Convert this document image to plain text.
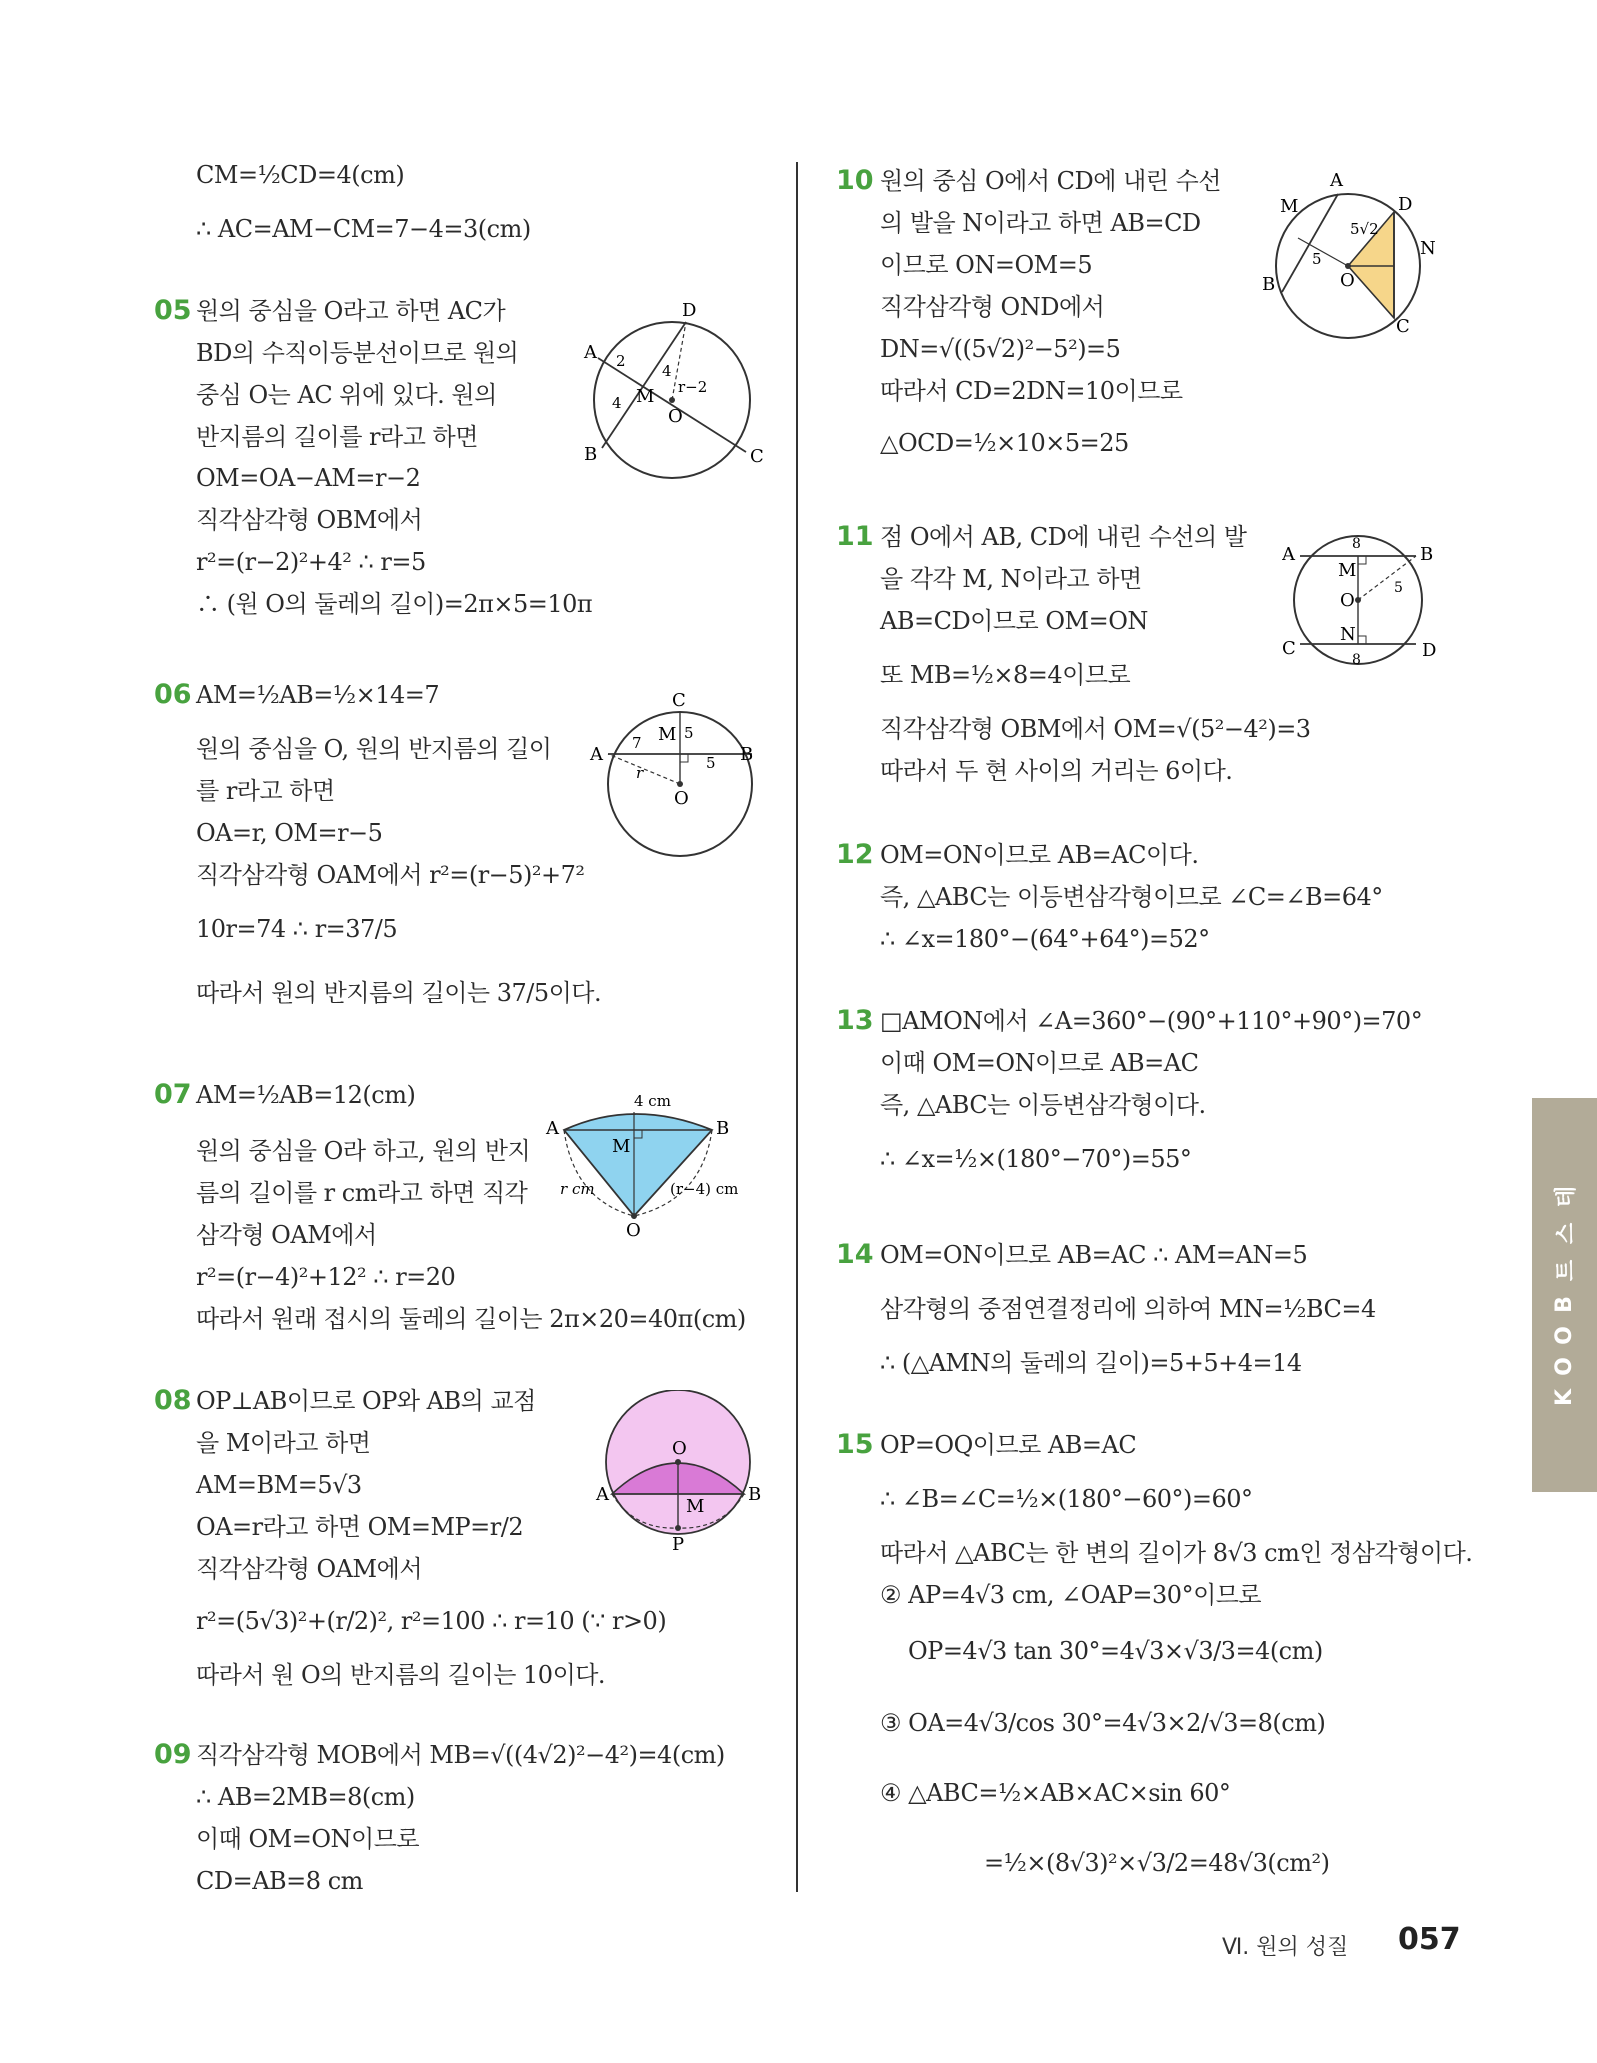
CM=½CD=4(cm)
∴ AC=AM−CM=7−4=3(cm)
05 원의 중심을 O라고 하면 AC가
BD의 수직이등분선이므로 원의
중심 O는 AC 위에 있다. 원의
반지름의 길이를 r라고 하면
OM=OA−AM=r−2
직각삼각형 OBM에서
r²=(r−2)²+4² ∴ r=5
∴ (원 O의 둘레의 길이)=2π×5=10π
A
B	C
D
M
O
2
4
4
r−2
06 AM=½AB=½×14=7
원의 중심을 O, 원의 반지름의 길이
를 r라고 하면
OA=r, OM=r−5
직각삼각형 OAM에서 r²=(r−5)²+7²
10r=74 ∴ r=37/5
따라서 원의 반지름의 길이는 37/5이다.
A	B
C
M
O
7
5
5
r
07 AM=½AB=12(cm)
원의 중심을 O라 하고, 원의 반지
름의 길이를 r cm라고 하면 직각
삼각형 OAM에서
r²=(r−4)²+12² ∴ r=20
따라서 원래 접시의 둘레의 길이는 2π×20=40π(cm)
A	B
M
O
4 cm
r cm	(r−4) cm
08 OP⊥AB이므로 OP와 AB의 교점
을 M이라고 하면
AM=BM=5√3
OA=r라고 하면 OM=MP=r/2
직각삼각형 OAM에서
r²=(5√3)²+(r/2)², r²=100 ∴ r=10 (∵ r>0)
따라서 원 O의 반지름의 길이는 10이다.
A	B
M
O
P
09 직각삼각형 MOB에서 MB=√((4√2)²−4²)=4(cm)
∴ AB=2MB=8(cm)
이때 OM=ON이므로
CD=AB=8 cm
10 원의 중심 O에서 CD에 내린 수선
의 발을 N이라고 하면 AB=CD
이므로 ON=OM=5
직각삼각형 OND에서
DN=√((5√2)²−5²)=5
따라서 CD=2DN=10이므로
△OCD=½×10×5=25
A
B
C
D
M
N
O
5
5√2
11 점 O에서 AB, CD에 내린 수선의 발
을 각각 M, N이라고 하면
AB=CD이므로 OM=ON
또 MB=½×8=4이므로
직각삼각형 OBM에서 OM=√(5²−4²)=3
따라서 두 현 사이의 거리는 6이다.
A	B
C	D
M
N
O
8
8
5
12 OM=ON이므로 AB=AC이다.
즉, △ABC는 이등변삼각형이므로 ∠C=∠B=64°
∴ ∠x=180°−(64°+64°)=52°
13 □AMON에서 ∠A=360°−(90°+110°+90°)=70°
이때 OM=ON이므로 AB=AC
즉, △ABC는 이등변삼각형이다.
∴ ∠x=½×(180°−70°)=55°
14 OM=ON이므로 AB=AC ∴ AM=AN=5
삼각형의 중점연결정리에 의하여 MN=½BC=4
∴ (△AMN의 둘레의 길이)=5+5+4=14
15 OP=OQ이므로 AB=AC
∴ ∠B=∠C=½×(180°−60°)=60°
따라서 △ABC는 한 변의 길이가 8√3 cm인 정삼각형이다.
② AP=4√3 cm, ∠OAP=30°이므로
OP=4√3 tan 30°=4√3×√3/3=4(cm)
③ OA=4√3/cos 30°=4√3×2/√3=8(cm)
④ △ABC=½×AB×AC×sin 60°
=½×(8√3)²×√3/2=48√3(cm²)
테
스
트
B
O
O
K
Ⅵ. 원의 성질 057
